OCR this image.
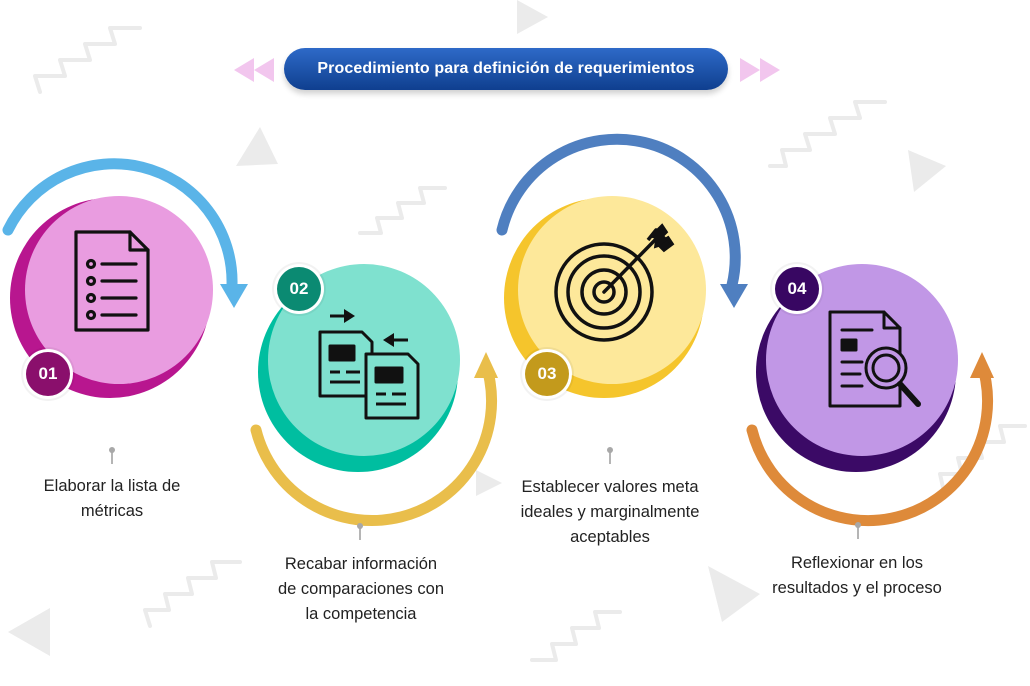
Procedimiento para definición de requerimientos
01
Elaborar la lista de
métricas
02
Recabar información
de comparaciones con
la competencia
03
Establecer valores meta
ideales y marginalmente
aceptables
04
Reflexionar en los
resultados y el proceso
